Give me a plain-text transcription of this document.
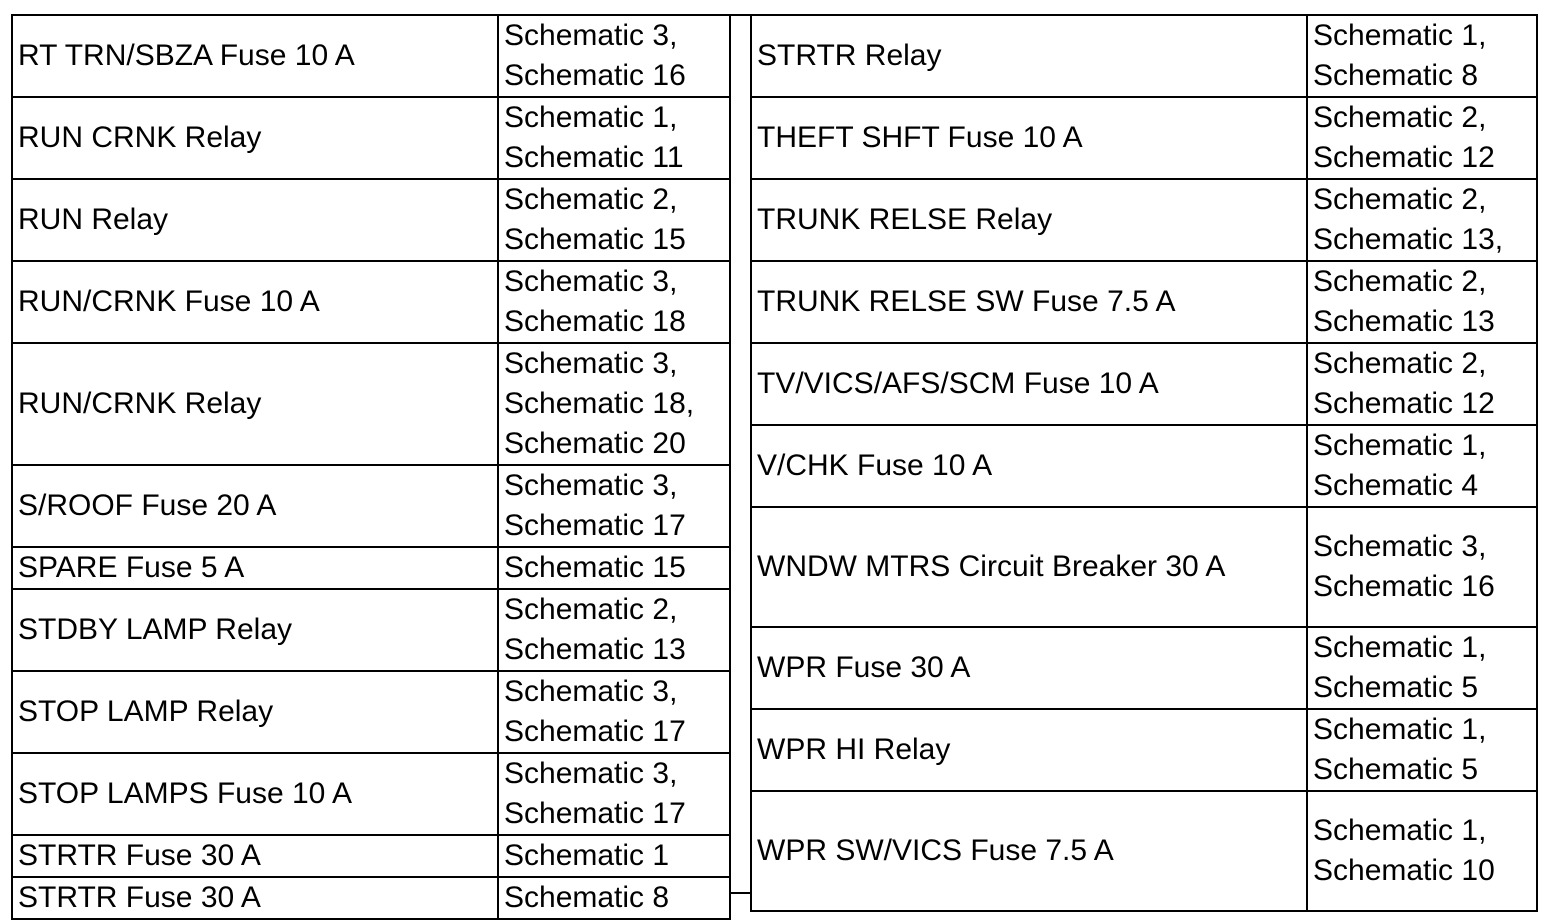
RT TRN/SBZA Fuse 10 A	Schematic 3,
Schematic 16

RUN CRNK Relay	Schematic 1,
Schematic 11

RUN Relay	Schematic 2,
Schematic 15

RUN/CRNK Fuse 10 A	Schematic 3,
Schematic 18

RUN/CRNK Relay	Schematic 3,
Schematic 18,
Schematic 20

S/ROOF Fuse 20 A	Schematic 3,
Schematic 17

SPARE Fuse 5 A	Schematic 15

STDBY LAMP Relay	Schematic 2,
Schematic 13

STOP LAMP Relay	Schematic 3,
Schematic 17

STOP LAMPS Fuse 10 A	Schematic 3,
Schematic 17

STRTR Fuse 30 A	Schematic 1

STRTR Fuse 30 A	Schematic 8
STRTR Relay	Schematic 1,
Schematic 8

THEFT SHFT Fuse 10 A	Schematic 2,
Schematic 12

TRUNK RELSE Relay	Schematic 2,
Schematic 13,

TRUNK RELSE SW Fuse 7.5 A	Schematic 2,
Schematic 13

TV/VICS/AFS/SCM Fuse 10 A	Schematic 2,
Schematic 12

V/CHK Fuse 10 A	Schematic 1,
Schematic 4

WNDW MTRS Circuit Breaker 30 A	Schematic 3,
Schematic 16

WPR Fuse 30 A	Schematic 1,
Schematic 5

WPR HI Relay	Schematic 1,
Schematic 5

WPR SW/VICS Fuse 7.5 A	Schematic 1,
Schematic 10
